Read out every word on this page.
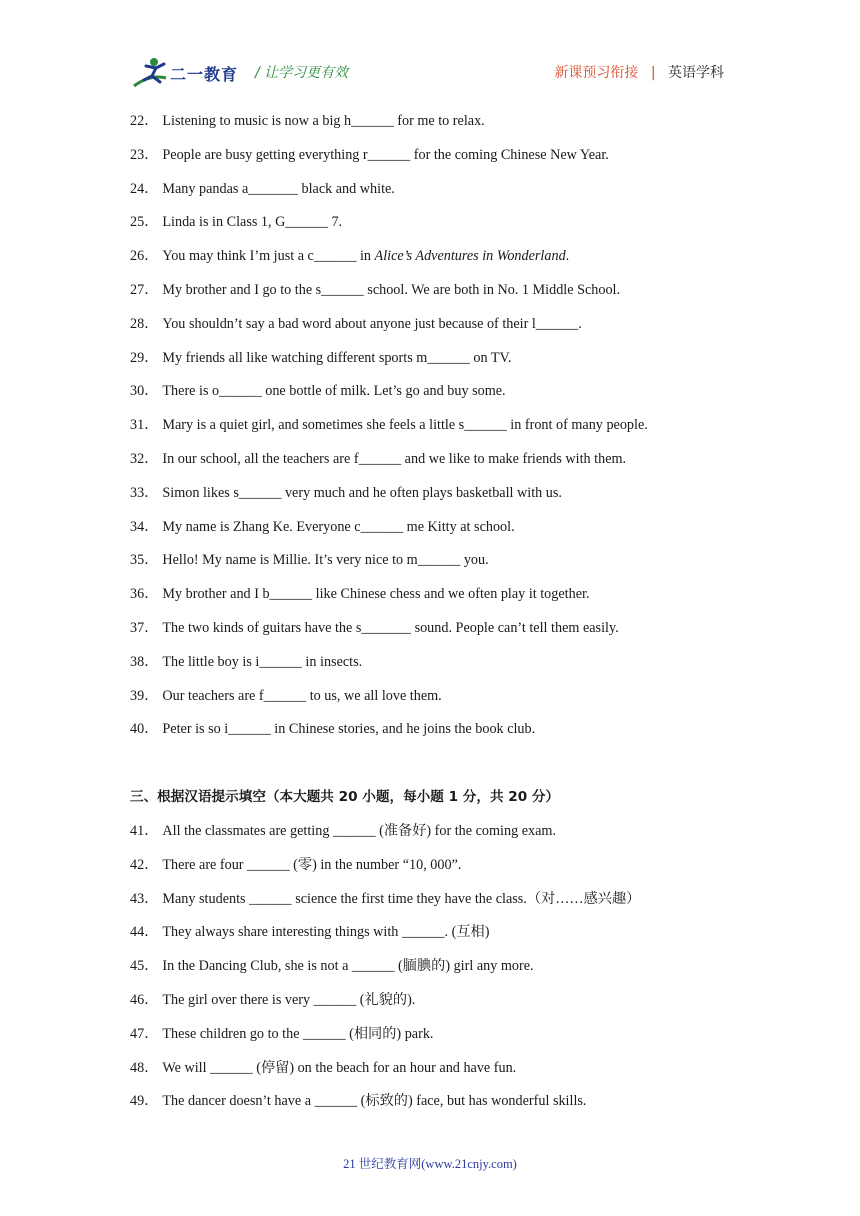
二一教育 / 让学习更有效	新课预习衔接 | 英语学科
22． Listening to music is now a big h______ for me to relax.
23． People are busy getting everything r______ for the coming Chinese New Year.
24． Many pandas a_______ black and white.
25． Linda is in Class 1, G______ 7.
26． You may think I’m just a c______ in Alice’s Adventures in Wonderland.
27． My brother and I go to the s______ school. We are both in No. 1 Middle School.
28． You shouldn’t say a bad word about anyone just because of their l______.
29． My friends all like watching different sports m______ on TV.
30． There is o______ one bottle of milk. Let’s go and buy some.
31． Mary is a quiet girl, and sometimes she feels a little s______ in front of many people.
32． In our school, all the teachers are f______ and we like to make friends with them.
33． Simon likes s______ very much and he often plays basketball with us.
34． My name is Zhang Ke. Everyone c______ me Kitty at school.
35． Hello! My name is Millie. It’s very nice to m______ you.
36． My brother and I b______ like Chinese chess and we often play it together.
37． The two kinds of guitars have the s_______ sound. People can’t tell them easily.
38． The little boy is i______ in insects.
39． Our teachers are f______ to us, we all love them.
40． Peter is so i______ in Chinese stories, and he joins the book club.
三、根据汉语提示填空（本大题共 20 小题，每小题 1 分，共 20 分）
41． All the classmates are getting ______ (准备好) for the coming exam.
42． There are four ______ (零) in the number “10, 000”.
43． Many students ______ science the first time they have the class.（对……感兴趣）
44． They always share interesting things with ______. (互相)
45． In the Dancing Club, she is not a ______ (腼腆的) girl any more.
46． The girl over there is very ______ (礼貌的).
47． These children go to the ______ (相同的) park.
48． We will ______ (停留) on the beach for an hour and have fun.
49． The dancer doesn’t have a ______ (标致的) face, but has wonderful skills.
21 世纪教育网(www.21cnjy.com)
